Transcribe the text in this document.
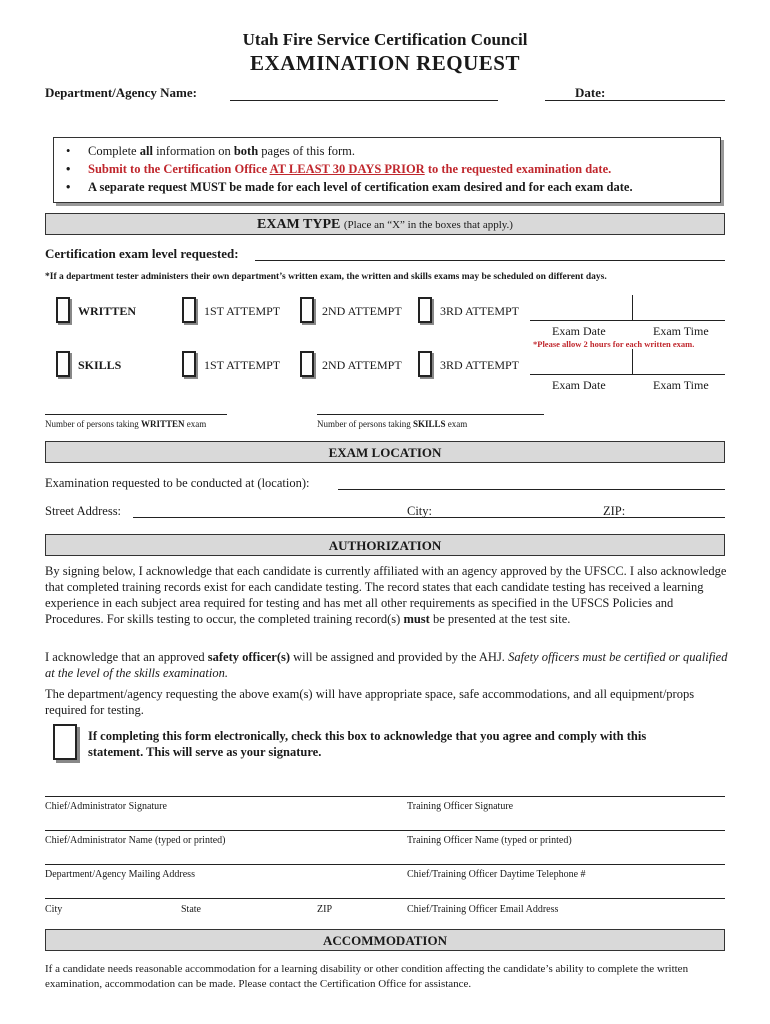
Utah Fire Service Certification Council
EXAMINATION REQUEST
Department/Agency Name:	Date:
• Complete all information on both pages of this form.
• Submit to the Certification Office AT LEAST 30 DAYS PRIOR to the requested examination date.
• A separate request MUST be made for each level of certification exam desired and for each exam date.
EXAM TYPE (Place an “X” in the boxes that apply.)
Certification exam level requested:
*If a department tester administers their own department’s written exam, the written and skills exams may be scheduled on different days.
WRITTEN	1ST ATTEMPT	2ND ATTEMPT	3RD ATTEMPT
Exam Date	Exam Time
*Please allow 2 hours for each written exam.
SKILLS	1ST ATTEMPT	2ND ATTEMPT	3RD ATTEMPT
Exam Date	Exam Time
Number of persons taking WRITTEN exam	Number of persons taking SKILLS exam
EXAM LOCATION
Examination requested to be conducted at (location):
Street Address:	City:	ZIP:
AUTHORIZATION
By signing below, I acknowledge that each candidate is currently affiliated with an agency approved by the UFSCC. I also acknowledge that completed training records exist for each candidate testing. The record states that each candidate testing has received a learning experience in each subject area required for testing and has met all other requirements as specified in the UFSCS Policies and Procedures. For skills testing to occur, the completed training record(s) must be presented at the test site.
I acknowledge that an approved safety officer(s) will be assigned and provided by the AHJ. Safety officers must be certified or qualified at the level of the skills examination.
The department/agency requesting the above exam(s) will have appropriate space, safe accommodations, and all equipment/props required for testing.
If completing this form electronically, check this box to acknowledge that you agree and comply with this statement. This will serve as your signature.
Chief/Administrator Signature	Training Officer Signature
Chief/Administrator Name (typed or printed)	Training Officer Name (typed or printed)
Department/Agency Mailing Address	Chief/Training Officer Daytime Telephone #
City	State	ZIP	Chief/Training Officer Email Address
ACCOMMODATION
If a candidate needs reasonable accommodation for a learning disability or other condition affecting the candidate’s ability to complete the written examination, accommodation can be made. Please contact the Certification Office for assistance.
